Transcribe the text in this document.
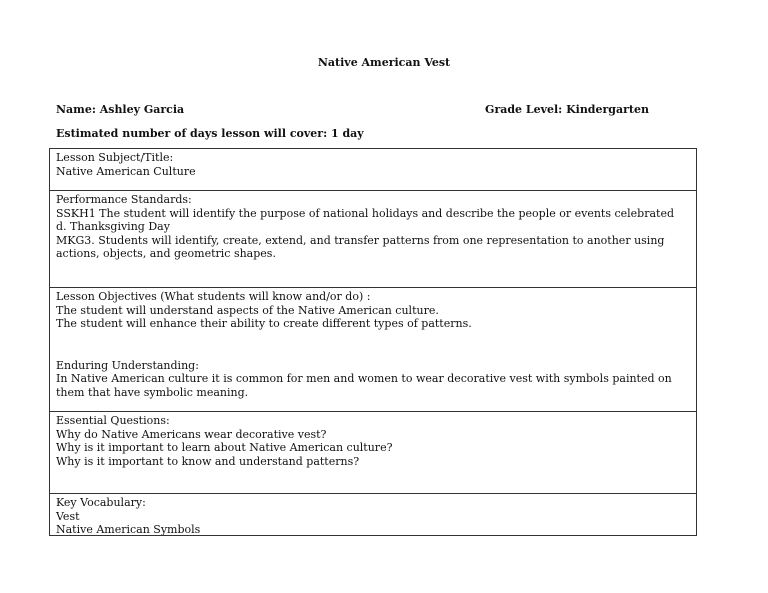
Native American Vest
Name: Ashley Garcia	Grade Level: Kindergarten
Estimated number of days lesson will cover: 1 day
Lesson Subject/Title:
Native American Culture
Performance Standards:
SSKH1 The student will identify the purpose of national holidays and describe the people or events celebrated
d. Thanksgiving Day
MKG3. Students will identify, create, extend, and transfer patterns from one representation to another using actions, objects, and geometric shapes.
Lesson Objectives (What students will know and/or do) :
The student will understand aspects of the Native American culture.
The student will enhance their ability to create different types of patterns.
Enduring Understanding:
In Native American culture it is common for men and women to wear decorative vest with symbols painted on them that have symbolic meaning.
Essential Questions:
Why do Native Americans wear decorative vest?
Why is it important to learn about Native American culture?
Why is it important to know and understand patterns?
Key Vocabulary:
Vest
Native American Symbols
